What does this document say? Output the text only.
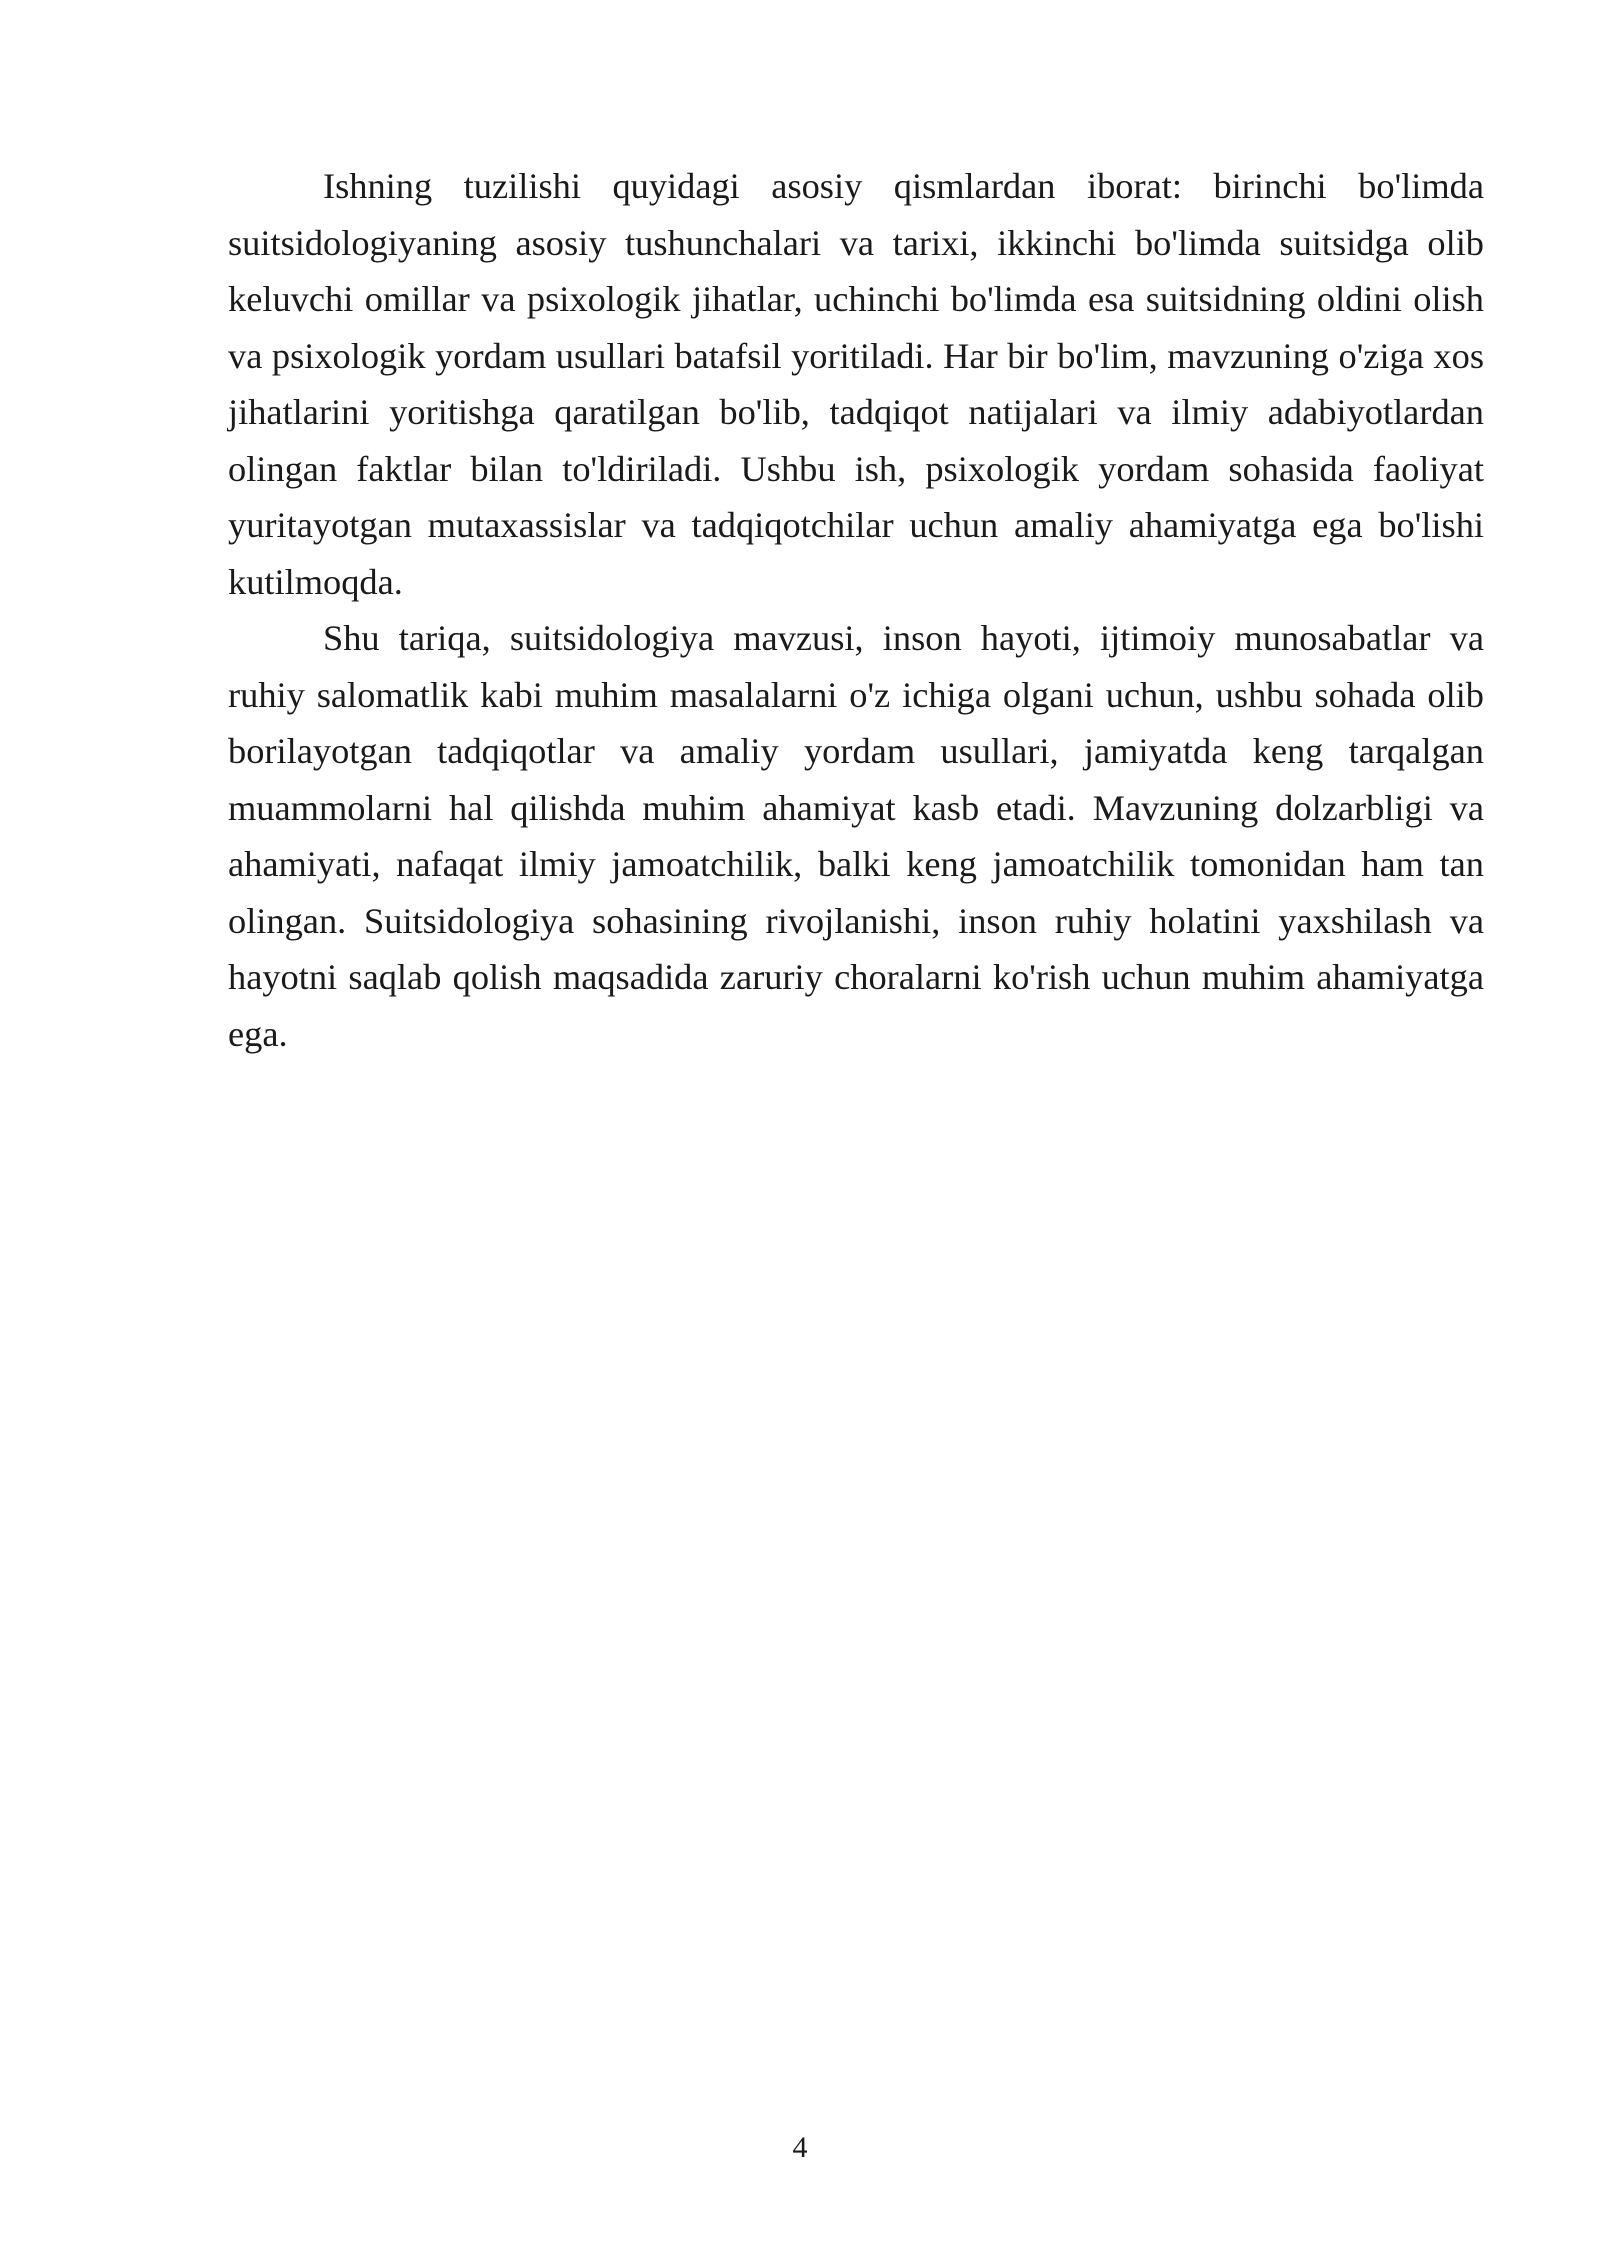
Ishning tuzilishi quyidagi asosiy qismlardan iborat: birinchi bo'limda suitsidologiyaning asosiy tushunchalari va tarixi, ikkinchi bo'limda suitsidga olib keluvchi omillar va psixologik jihatlar, uchinchi bo'limda esa suitsidning oldini olish va psixologik yordam usullari batafsil yoritiladi. Har bir bo'lim, mavzuning o'ziga xos jihatlarini yoritishga qaratilgan bo'lib, tadqiqot natijalari va ilmiy adabiyotlardan olingan faktlar bilan to'ldiriladi. Ushbu ish, psixologik yordam sohasida faoliyat yuritayotgan mutaxassislar va tadqiqotchilar uchun amaliy ahamiyatga ega bo'lishi kutilmoqda.

Shu tariqa, suitsidologiya mavzusi, inson hayoti, ijtimoiy munosabatlar va ruhiy salomatlik kabi muhim masalalarni o'z ichiga olgani uchun, ushbu sohada olib borilayotgan tadqiqotlar va amaliy yordam usullari, jamiyatda keng tarqalgan muammolarni hal qilishda muhim ahamiyat kasb etadi. Mavzuning dolzarbligi va ahamiyati, nafaqat ilmiy jamoatchilik, balki keng jamoatchilik tomonidan ham tan olingan. Suitsidologiya sohasining rivojlanishi, inson ruhiy holatini yaxshilash va hayotni saqlab qolish maqsadida zaruriy choralarni ko'rish uchun muhim ahamiyatga ega.

4
